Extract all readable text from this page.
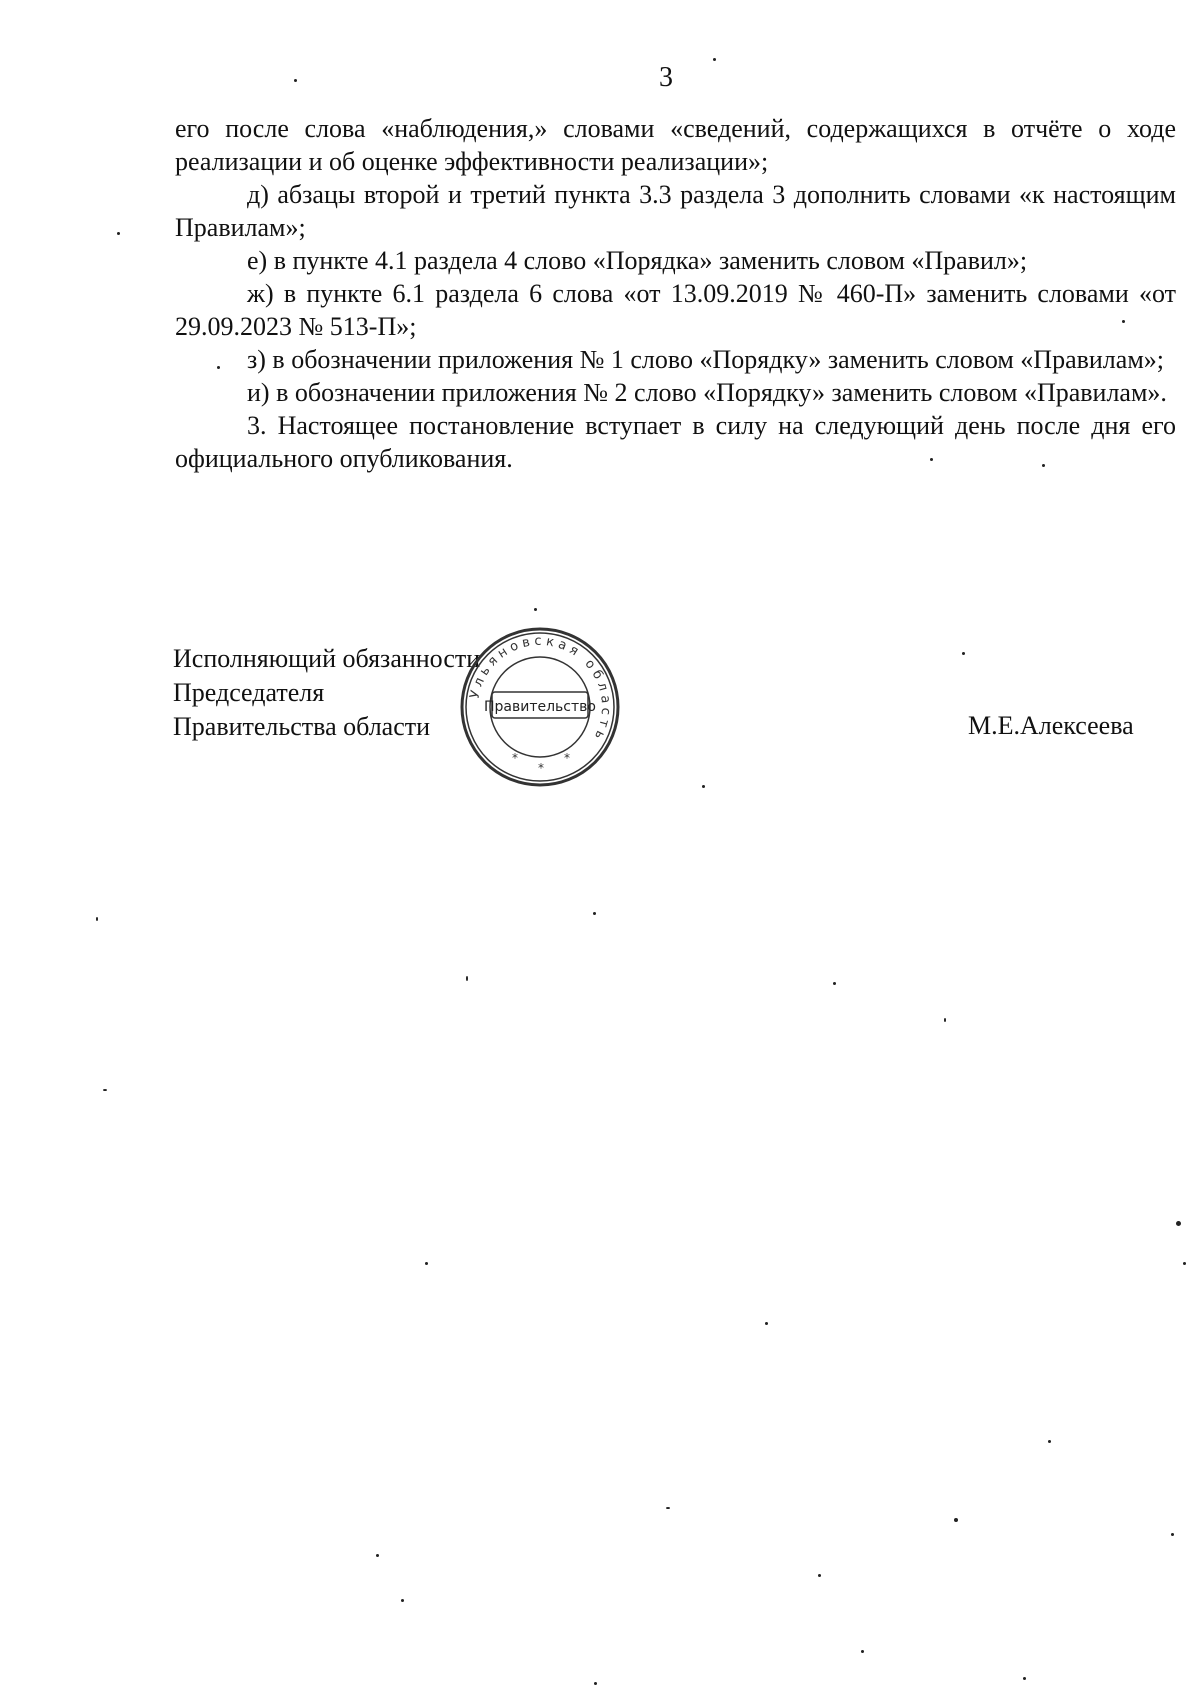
3

его после слова «наблюдения,» словами «сведений, содержащихся в отчёте о ходе реализации и об оценке эффективности реализации»;

д) абзацы второй и третий пункта 3.3 раздела 3 дополнить словами «к настоящим Правилам»;

е) в пункте 4.1 раздела 4 слово «Порядка» заменить словом «Правил»;

ж) в пункте 6.1 раздела 6 слова «от 13.09.2019 № 460-П» заменить словами «от 29.09.2023 № 513-П»;

з) в обозначении приложения № 1 слово «Порядку» заменить словом «Правилам»;

и) в обозначении приложения № 2 слово «Порядку» заменить словом «Правилам».

3. Настоящее постановление вступает в силу на следующий день после дня его официального опубликования.

Исполняющий обязанности
Председателя
Правительства области	М.Е.Алексеева
Ульяновская область
Правительство
*
*
*
